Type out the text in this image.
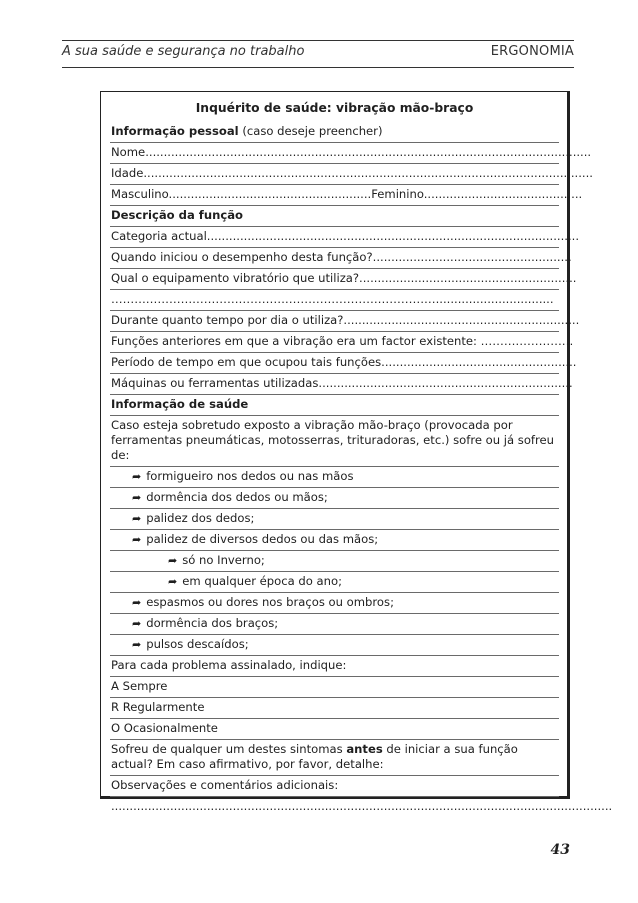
A sua saúde e segurança no trabalho	ERGONOMIA
Inquérito de saúde: vibração mão-braço
Informação pessoal (caso deseje preencher)
Nome.........................................................................................................................
Idade..........................................................................................................................
Masculino.......................................................Feminino...........................................
Descrição da função
Categoria actual.....................................................................................................
Quando iniciou o desempenho desta função?......................................................
Qual o equipamento vibratório que utiliza?...........................................................
…………………………………………………………………………................................
Durante quanto tempo por dia o utiliza?................................................................
Funções anteriores em que a vibração era um factor existente: ……………………
Período de tempo em que ocupou tais funções.....................................................
Máquinas ou ferramentas utilizadas.....................................................................
Informação de saúde
Caso esteja sobretudo exposto a vibração mão-braço (provocada por ferramentas pneumáticas, motosserras, trituradoras, etc.) sofre ou já sofreu de:
➦ formigueiro nos dedos ou nas mãos
➦ dormência dos dedos ou mãos;
➦ palidez dos dedos;
➦ palidez de diversos dedos ou das mãos;
➦ só no Inverno;
➦ em qualquer época do ano;
➦ espasmos ou dores nos braços ou ombros;
➦ dormência dos braços;
➦ pulsos descaídos;
Para cada problema assinalado, indique:
A Sempre
R Regularmente
O Ocasionalmente
Sofreu de qualquer um destes sintomas antes de iniciar a sua função actual? Em caso afirmativo, por favor, detalhe:
Observações e comentários adicionais:
........................................................................................................................................
43
